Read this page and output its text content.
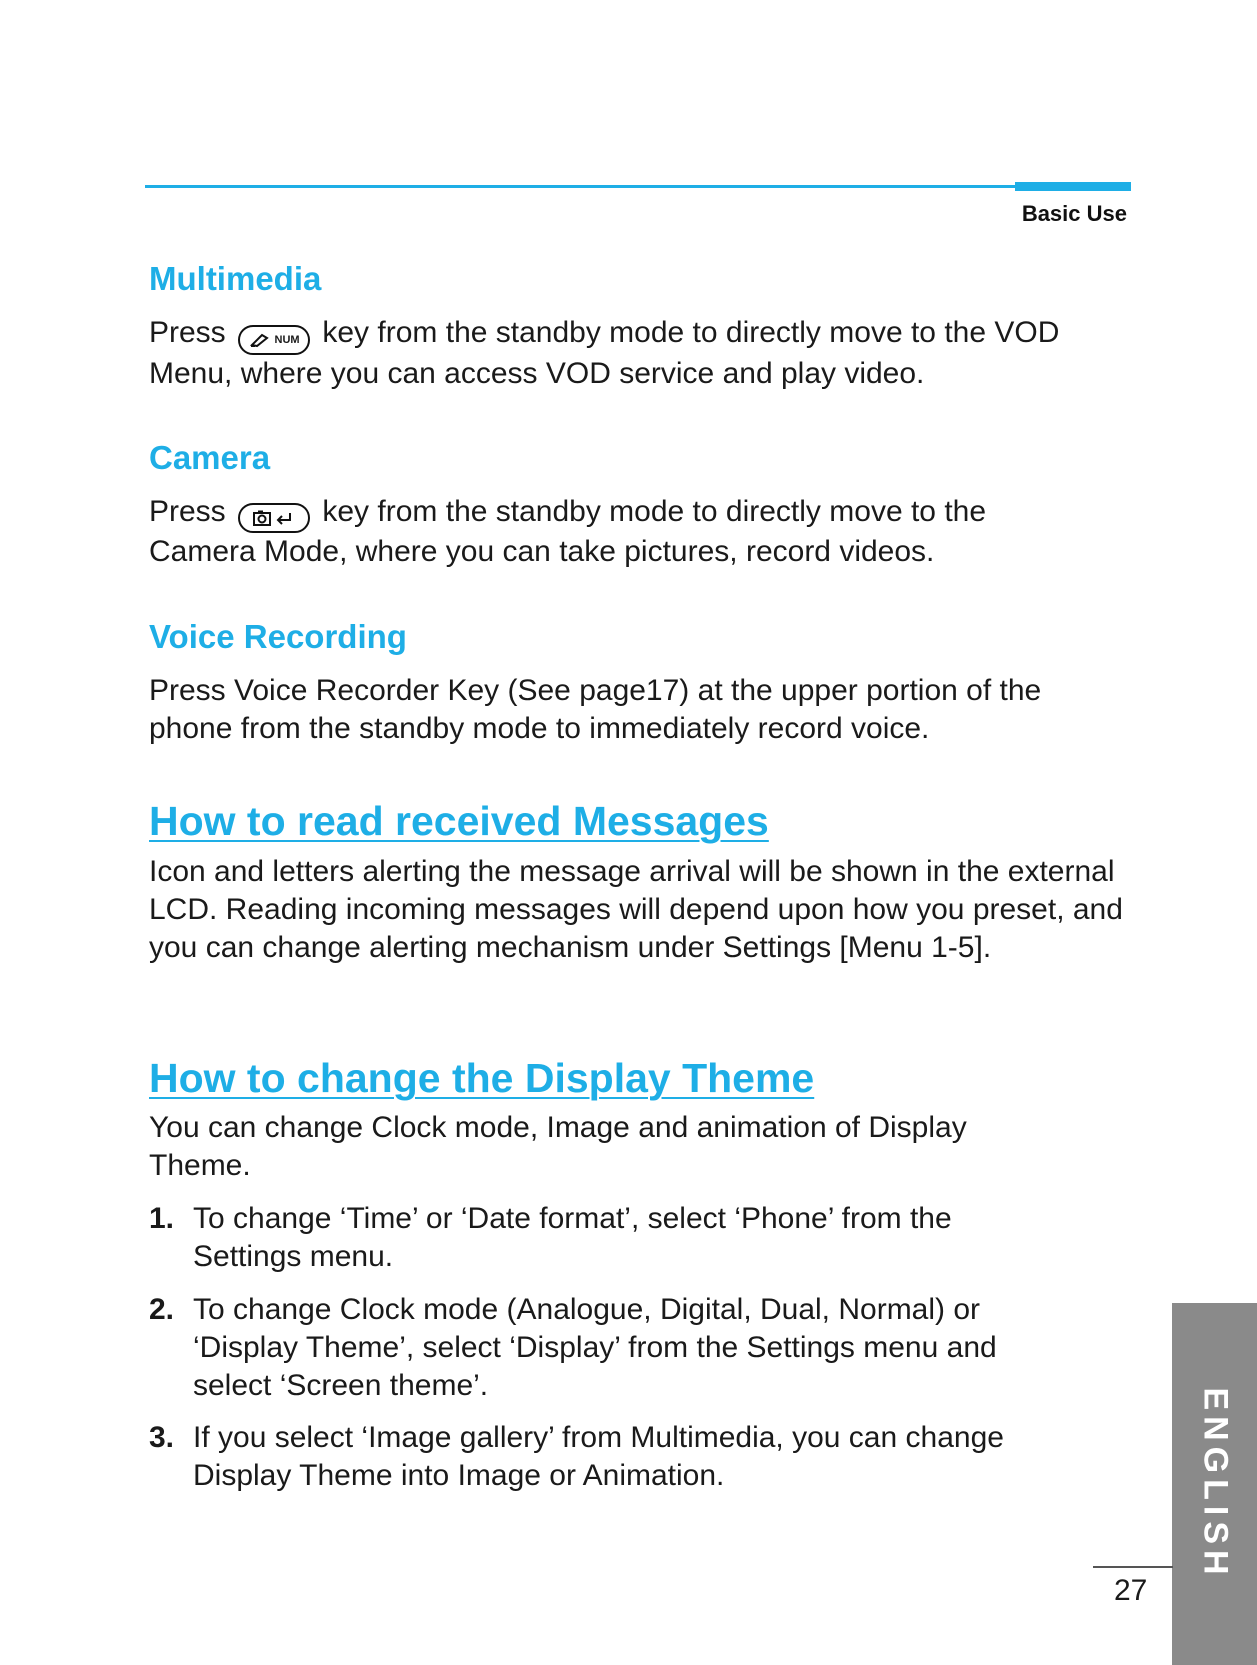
Basic Use
Multimedia

Press	NUM key from the standby mode to directly move to the VOD
Menu, where you can access VOD service and play video.

Camera

Press	key from the standby mode to directly move to the
Camera Mode, where you can take pictures, record videos.

Voice Recording

Press Voice Recorder Key (See page17) at the upper portion of the phone from the standby mode to immediately record voice.

How to read received Messages

Icon and letters alerting the message arrival will be shown in the external LCD. Reading incoming messages will depend upon how you preset, and you can change alerting mechanism under Settings [Menu 1-5].

How to change the Display Theme

You can change Clock mode, Image and animation of Display Theme.

1. To change ‘Time’ or ‘Date format’, select ‘Phone’ from the Settings menu.

2. To change Clock mode (Analogue, Digital, Dual, Normal) or ‘Display Theme’, select ‘Display’ from the Settings menu and select ‘Screen theme’.

3. If you select ‘Image gallery’ from Multimedia, you can change Display Theme into Image or Animation.	ENGLISH
27
